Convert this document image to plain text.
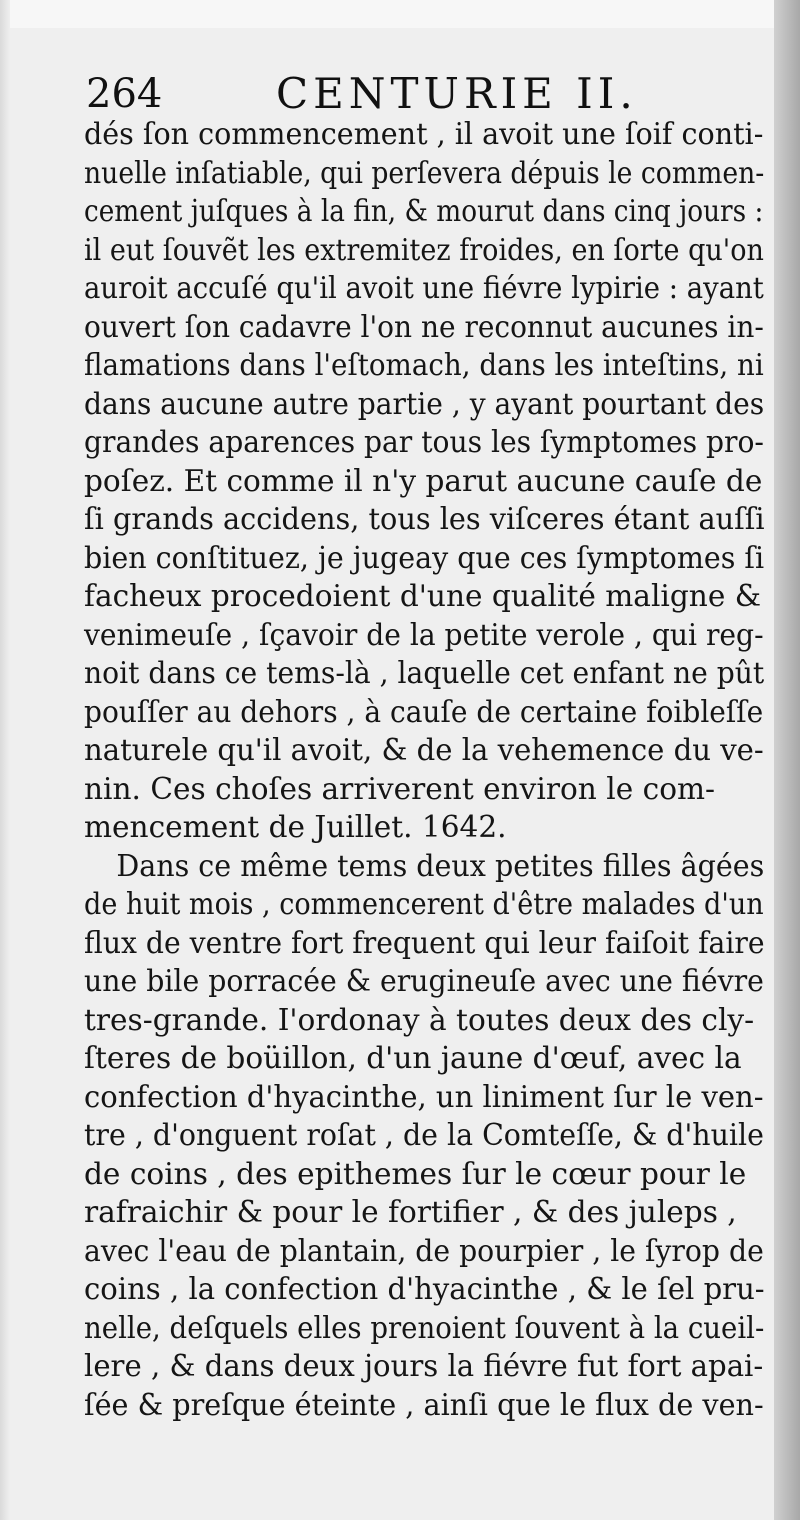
264	CENTURIE II.
dés ſon commencement , il avoit une ſoif conti-
nuelle inſatiable, qui perſevera dépuis le commen-
cement juſques à la fin, & mourut dans cinq jours :
il eut ſouvẽt les extremitez froides, en ſorte qu'on
auroit accuſé qu'il avoit une fiévre lypirie : ayant
ouvert ſon cadavre l'on ne reconnut aucunes in-
flamations dans l'eſtomach, dans les inteſtins, ni
dans aucune autre partie , y ayant pourtant des
grandes aparences par tous les ſymptomes pro-
poſez. Et comme il n'y parut aucune cauſe de
ſi grands accidens, tous les viſceres étant auſſi
bien conſtituez, je jugeay que ces ſymptomes ſi
facheux procedoient d'une qualité maligne &
venimeuſe , ſçavoir de la petite verole , qui reg-
noit dans ce tems-là , laquelle cet enfant ne pût
pouſſer au dehors , à cauſe de certaine foibleſſe
naturele qu'il avoit, & de la vehemence du ve-
nin. Ces choſes arriverent environ le com-
mencement de Juillet. 1642.
Dans ce même tems deux petites filles âgées
de huit mois , commencerent d'être malades d'un
flux de ventre fort frequent qui leur faiſoit faire
une bile porracée & erugineuſe avec une fiévre
tres-grande. I'ordonay à toutes deux des cly-
ſteres de boüillon, d'un jaune d'œuf, avec la
confection d'hyacinthe, un liniment ſur le ven-
tre , d'onguent roſat , de la Comteſſe, & d'huile
de coins , des epithemes ſur le cœur pour le
rafraichir & pour le fortifier , & des juleps ,
avec l'eau de plantain, de pourpier , le ſyrop de
coins , la confection d'hyacinthe , & le ſel pru-
nelle, deſquels elles prenoient ſouvent à la cueil-
lere , & dans deux jours la fiévre fut fort apai-
ſée & preſque éteinte , ainſi que le flux de ven-
